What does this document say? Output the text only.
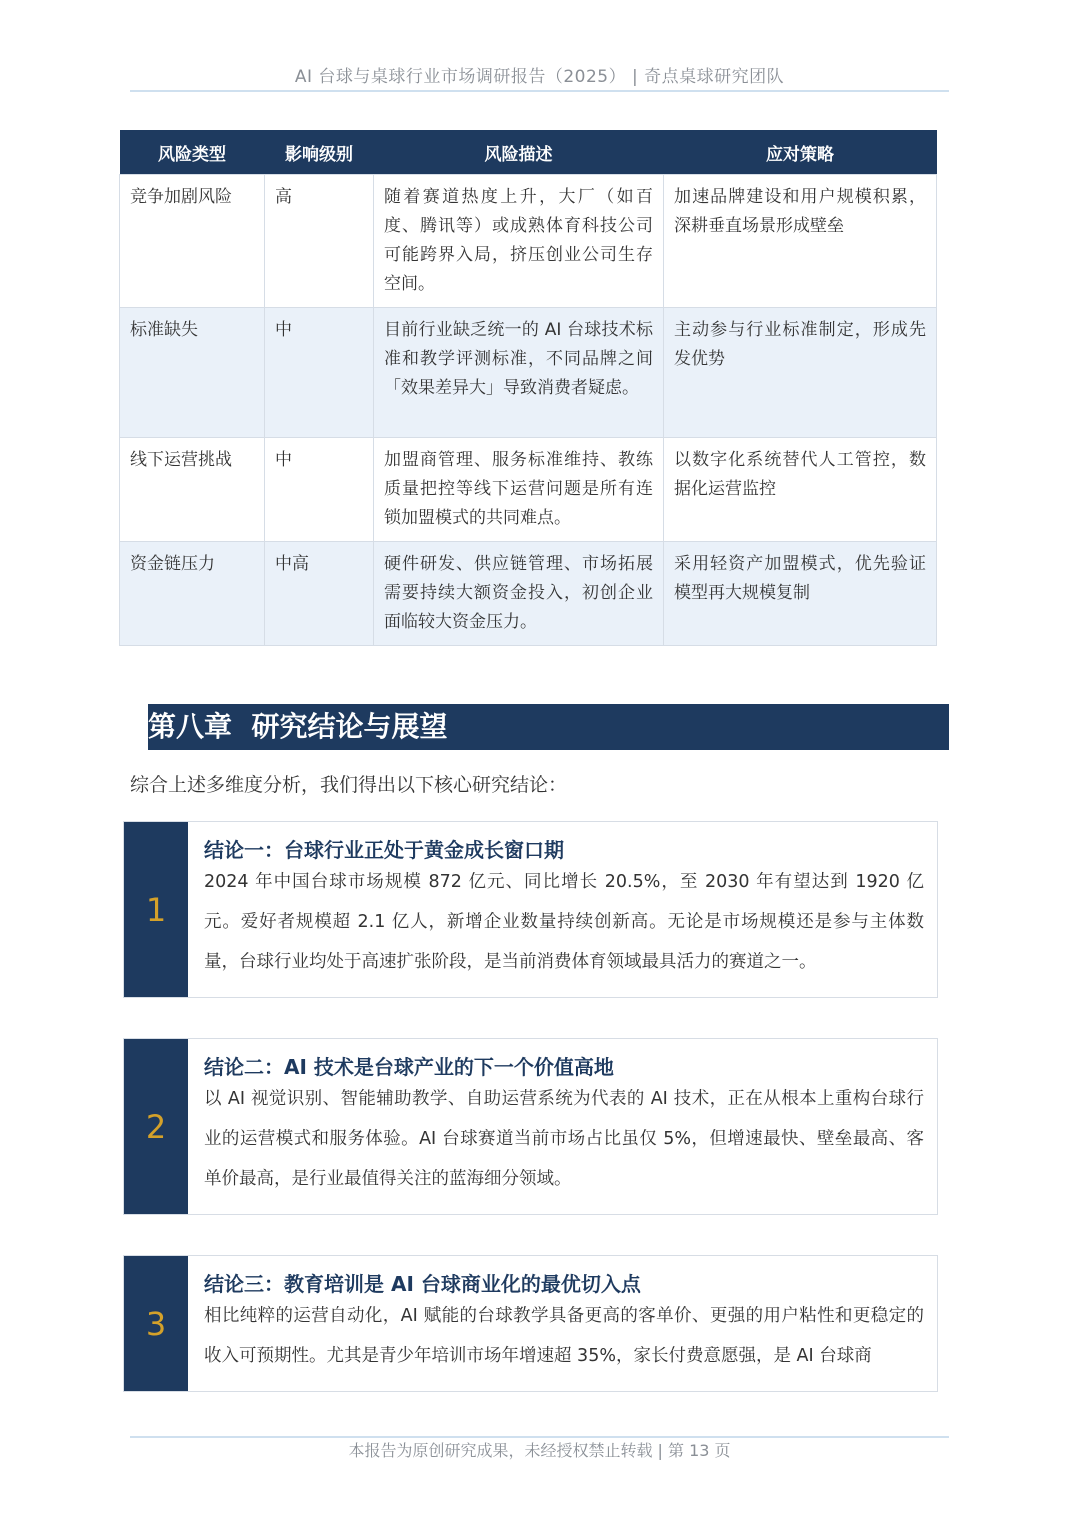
AI 台球与桌球行业市场调研报告（2025） | 奇点桌球研究团队
风险类型	影响级别	风险描述	应对策略
竞争加剧风险	高	随着赛道热度上升，大厂（如百度、腾讯等）或成熟体育科技公司可能跨界入局，挤压创业公司生存空间。	加速品牌建设和用户规模积累，深耕垂直场景形成壁垒
标准缺失	中	目前行业缺乏统一的 AI 台球技术标准和教学评测标准，不同品牌之间「效果差异大」导致消费者疑虑。	主动参与行业标准制定，形成先发优势
线下运营挑战	中	加盟商管理、服务标准维持、教练质量把控等线下运营问题是所有连锁加盟模式的共同难点。	以数字化系统替代人工管控，数据化运营监控
资金链压力	中高	硬件研发、供应链管理、市场拓展需要持续大额资金投入，初创企业面临较大资金压力。	采用轻资产加盟模式，优先验证模型再大规模复制
第八章  研究结论与展望
综合上述多维度分析，我们得出以下核心研究结论：
1
结论一：台球行业正处于黄金成长窗口期
2024 年中国台球市场规模 872 亿元、同比增长 20.5%，至 2030 年有望达到 1920 亿元。爱好者规模超 2.1 亿人，新增企业数量持续创新高。无论是市场规模还是参与主体数量，台球行业均处于高速扩张阶段，是当前消费体育领域最具活力的赛道之一。
2
结论二：AI 技术是台球产业的下一个价值高地
以 AI 视觉识别、智能辅助教学、自助运营系统为代表的 AI 技术，正在从根本上重构台球行业的运营模式和服务体验。AI 台球赛道当前市场占比虽仅 5%，但增速最快、壁垒最高、客单价最高，是行业最值得关注的蓝海细分领域。
3
结论三：教育培训是 AI 台球商业化的最优切入点
相比纯粹的运营自动化，AI 赋能的台球教学具备更高的客单价、更强的用户粘性和更稳定的收入可预期性。尤其是青少年培训市场年增速超 35%，家长付费意愿强，是 AI 台球商
本报告为原创研究成果，未经授权禁止转载 | 第 13 页
